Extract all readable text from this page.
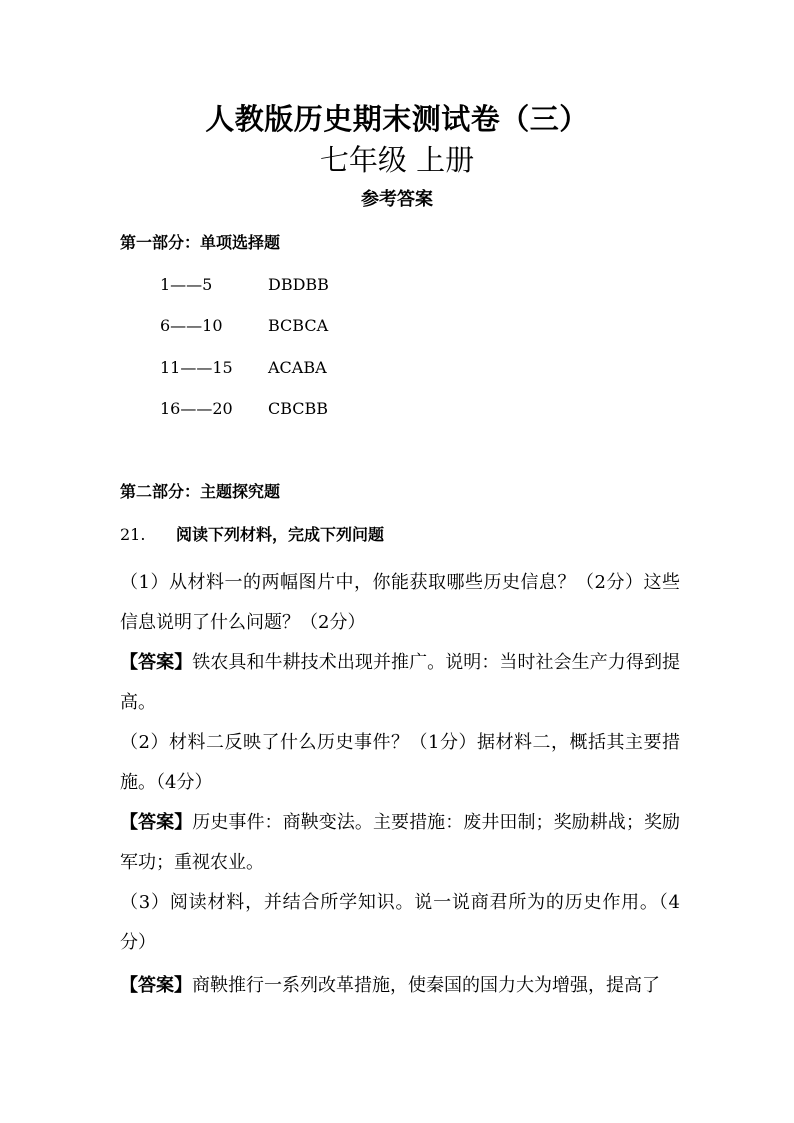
人教版历史期末测试卷（三）
七年级 上册
参考答案
第一部分：单项选择题
1——5	DBDBB
6——10	BCBCA
11——15 ACABA
16——20 CBCBB
第二部分：主题探究题
21. 阅读下列材料，完成下列问题
（1）从材料一的两幅图片中，你能获取哪些历史信息？（2分）这些信息说明了什么问题？（2分）
【答案】铁农具和牛耕技术出现并推广。说明：当时社会生产力得到提高。
（2）材料二反映了什么历史事件？（1分）据材料二，概括其主要措施。（4分）
【答案】历史事件：商鞅变法。主要措施：废井田制；奖励耕战；奖励军功；重视农业。
（3）阅读材料，并结合所学知识。说一说商君所为的历史作用。（4分）
【答案】商鞅推行一系列改革措施，使秦国的国力大为增强，提高了
